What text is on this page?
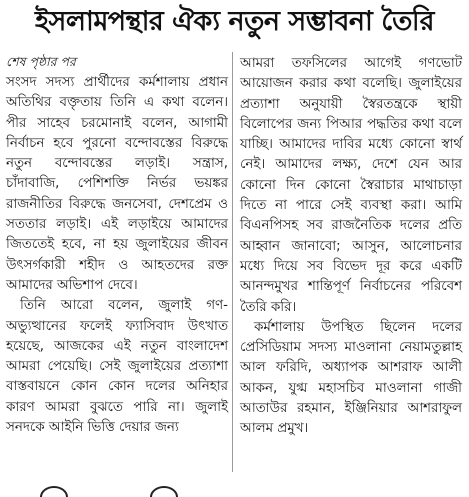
ইসলামপন্থার ঐক্য নতুন সম্ভাবনা তৈরি
শেষ পৃষ্ঠার পর

সংসদ সদস্য প্রার্থীদের কর্মশালায় প্রধান অতিথির বক্তৃতায় তিনি এ কথা বলেন। পীর সাহেব চরমোনাই বলেন, আগামী নির্বাচন হবে পুরনো বন্দোবস্তের বিরুদ্ধে নতুন বন্দোবস্তের লড়াই। সন্ত্রাস, চাঁদাবাজি, পেশিশক্তি নির্ভর ভয়ঙ্কর রাজনীতির বিরুদ্ধে জনসেবা, দেশপ্রেম ও সততার লড়াই। এই লড়াইয়ে আমাদের জিততেই হবে, না হয় জুলাইয়ের জীবন উৎসর্গকারী শহীদ ও আহতদের রক্ত আমাদের অভিশাপ দেবে।

তিনি আরো বলেন, জুলাই গণ-অভ্যুত্থানের ফলেই ফ্যাসিবাদ উৎখাত হয়েছে, আজকের এই নতুন বাংলাদেশ আমরা পেয়েছি। সেই জুলাইয়ের প্রত্যাশা বাস্তবায়নে কোন কোন দলের অনিহার কারণ আমরা বুঝতে পারি না। জুলাই সনদকে আইনি ভিত্তি দেয়ার জন্য

আমরা তফসিলের আগেই গণভোট আয়োজন করার কথা বলেছি। জুলাইয়ের প্রত্যাশা অনুযায়ী স্বৈরতন্ত্রকে স্থায়ী বিলোপের জন্য পিআর পদ্ধতির কথা বলে যাচ্ছি। আমাদের দাবির মধ্যে কোনো স্বার্থ নেই। আমাদের লক্ষ্য, দেশে যেন আর কোনো দিন কোনো স্বৈরাচার মাথাচাড়া দিতে না পারে সেই ব্যবস্থা করা। আমি বিএনপিসহ সব রাজনৈতিক দলের প্রতি আহ্বান জানাবো; আসুন, আলোচনার মধ্যে দিয়ে সব বিভেদ দূর করে একটি আনন্দমুখর শান্তিপূর্ণ নির্বাচনের পরিবেশ তৈরি করি।

কর্মশালায় উপস্থিত ছিলেন দলের প্রেসিডিয়াম সদস্য মাওলানা নেয়ামতুল্লাহ আল ফরিদি, অধ্যাপক আশরাফ আলী আকন, যুগ্ম মহাসচিব মাওলানা গাজী আতাউর রহমান, ইঞ্জিনিয়ার আশরাফুল আলম প্রমুখ।
